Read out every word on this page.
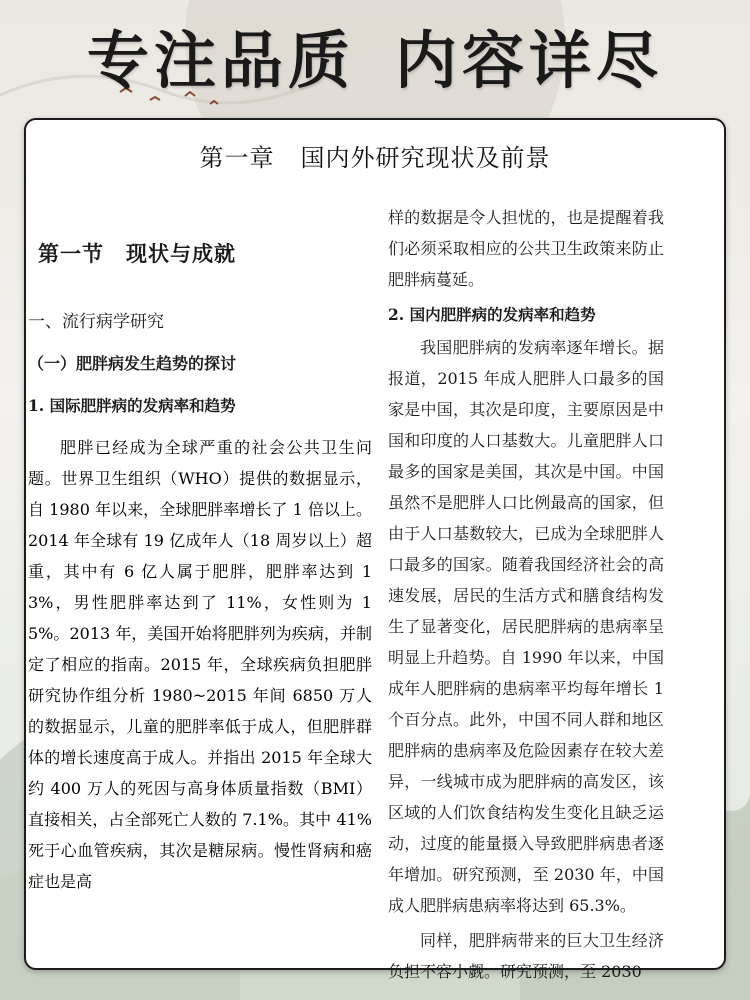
专注品质 内容详尽
第一章 国内外研究现状及前景
第一节 现状与成就
一、流行病学研究
（一）肥胖病发生趋势的探讨
1. 国际肥胖病的发病率和趋势
肥胖已经成为全球严重的社会公共卫生问题。世界卫生组织（WHO）提供的数据显示，自 1980 年以来，全球肥胖率增长了 1 倍以上。2014 年全球有 19 亿成年人（18 周岁以上）超重，其中有 6 亿人属于肥胖，肥胖率达到 13%，男性肥胖率达到了 11%，女性则为 15%。2013 年，美国开始将肥胖列为疾病，并制定了相应的指南。2015 年，全球疾病负担肥胖研究协作组分析 1980~2015 年间 6850 万人的数据显示，儿童的肥胖率低于成人，但肥胖群体的增长速度高于成人。并指出 2015 年全球大约 400 万人的死因与高身体质量指数（BMI）直接相关，占全部死亡人数的 7.1%。其中 41% 死于心血管疾病，其次是糖尿病。慢性肾病和癌症也是高
样的数据是令人担忧的，也是提醒着我们必须采取相应的公共卫生政策来防止肥胖病蔓延。
2. 国内肥胖病的发病率和趋势
我国肥胖病的发病率逐年增长。据报道，2015 年成人肥胖人口最多的国家是中国，其次是印度，主要原因是中国和印度的人口基数大。儿童肥胖人口最多的国家是美国，其次是中国。中国虽然不是肥胖人口比例最高的国家，但由于人口基数较大，已成为全球肥胖人口最多的国家。随着我国经济社会的高速发展，居民的生活方式和膳食结构发生了显著变化，居民肥胖病的患病率呈明显上升趋势。自 1990 年以来，中国成年人肥胖病的患病率平均每年增长 1 个百分点。此外，中国不同人群和地区肥胖病的患病率及危险因素存在较大差异，一线城市成为肥胖病的高发区，该区域的人们饮食结构发生变化且缺乏运动，过度的能量摄入导致肥胖病患者逐年增加。研究预测，至 2030 年，中国成人肥胖病患病率将达到 65.3%。
同样，肥胖病带来的巨大卫生经济负担不容小觑。研究预测，至 2030
